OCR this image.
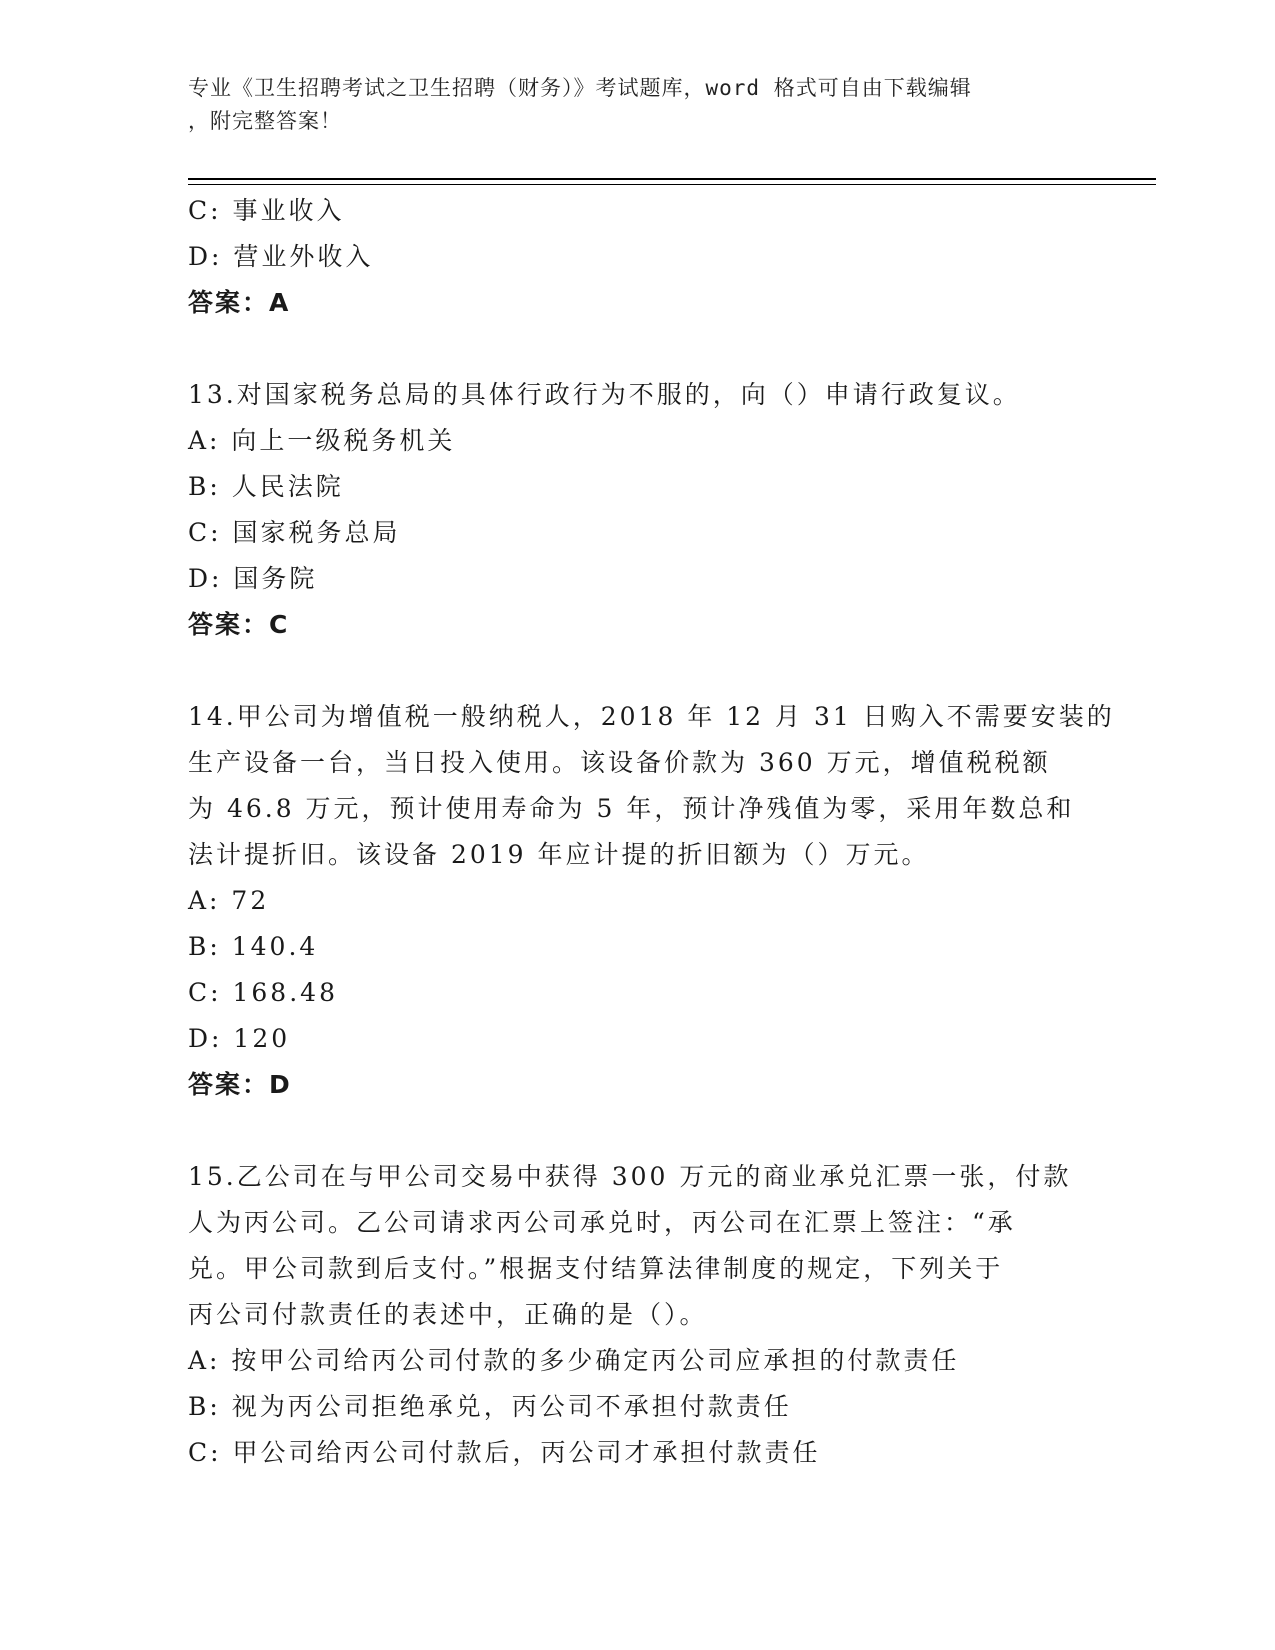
专业《卫生招聘考试之卫生招聘（财务）》考试题库，word 格式可自由下载编辑
，附完整答案！

C: 事业收入

D: 营业外收入

答案：A

13.对国家税务总局的具体行政行为不服的，向（）申请行政复议。

A: 向上一级税务机关

B: 人民法院

C: 国家税务总局

D: 国务院

答案：C

14.甲公司为增值税一般纳税人，2018 年 12 月 31 日购入不需要安装的

生产设备一台，当日投入使用。该设备价款为 360 万元，增值税税额

为 46.8 万元，预计使用寿命为 5 年，预计净残值为零，采用年数总和

法计提折旧。该设备 2019 年应计提的折旧额为（）万元。

A: 72

B: 140.4

C: 168.48

D: 120

答案：D

15.乙公司在与甲公司交易中获得 300 万元的商业承兑汇票一张，付款

人为丙公司。乙公司请求丙公司承兑时，丙公司在汇票上签注：“承

兑。甲公司款到后支付。”根据支付结算法律制度的规定，下列关于

丙公司付款责任的表述中，正确的是（）。

A: 按甲公司给丙公司付款的多少确定丙公司应承担的付款责任

B: 视为丙公司拒绝承兑，丙公司不承担付款责任

C: 甲公司给丙公司付款后，丙公司才承担付款责任
